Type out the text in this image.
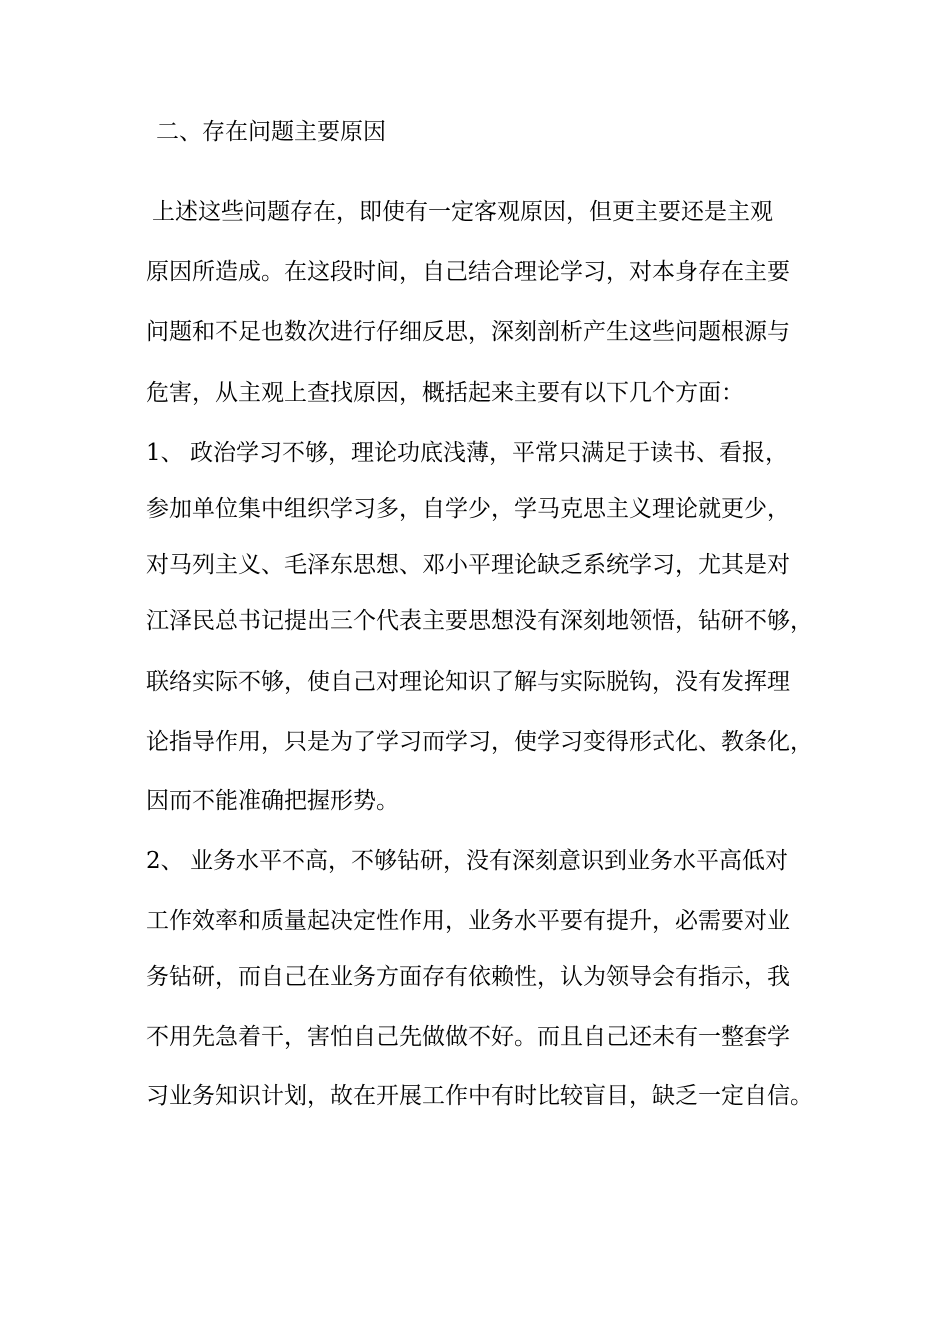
二、存在问题主要原因
上述这些问题存在，即使有一定客观原因，但更主要还是主观
原因所造成。在这段时间，自己结合理论学习，对本身存在主要
问题和不足也数次进行仔细反思，深刻剖析产生这些问题根源与
危害，从主观上查找原因，概括起来主要有以下几个方面：
1、 政治学习不够，理论功底浅薄，平常只满足于读书、看报，
参加单位集中组织学习多，自学少，学马克思主义理论就更少，
对马列主义、毛泽东思想、邓小平理论缺乏系统学习，尤其是对
江泽民总书记提出三个代表主要思想没有深刻地领悟，钻研不够，
联络实际不够，使自己对理论知识了解与实际脱钩，没有发挥理
论指导作用，只是为了学习而学习，使学习变得形式化、教条化，
因而不能准确把握形势。
2、 业务水平不高，不够钻研，没有深刻意识到业务水平高低对
工作效率和质量起决定性作用，业务水平要有提升，必需要对业
务钻研，而自己在业务方面存有依赖性，认为领导会有指示，我
不用先急着干，害怕自己先做做不好。而且自己还未有一整套学
习业务知识计划，故在开展工作中有时比较盲目，缺乏一定自信。
